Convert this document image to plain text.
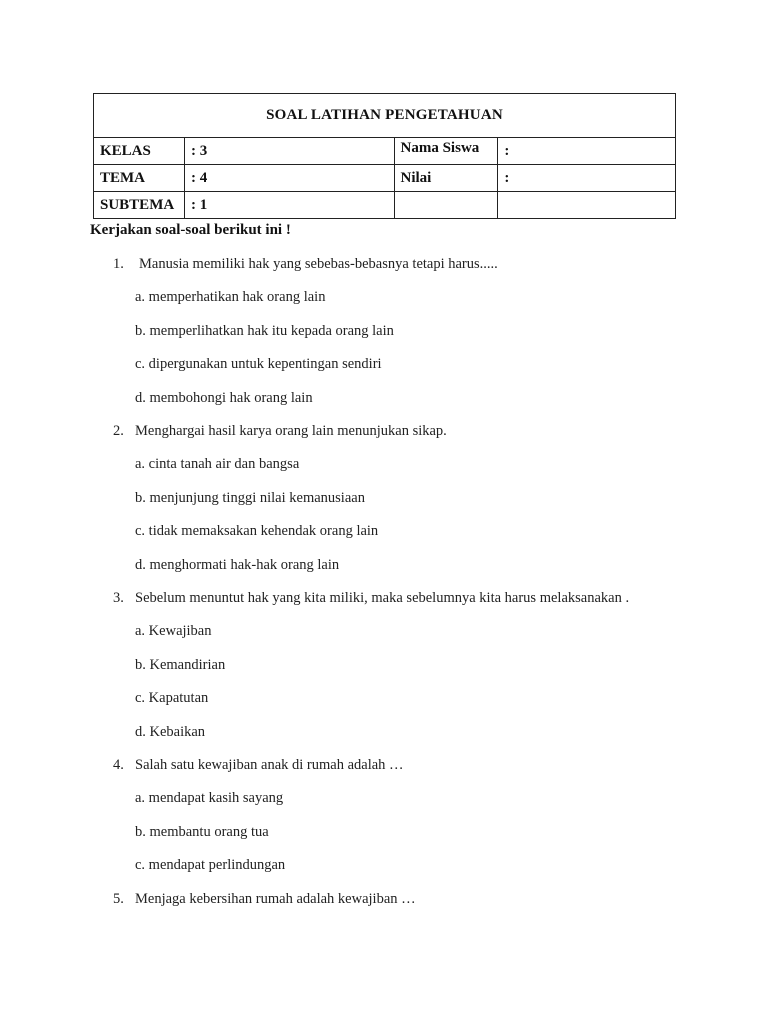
SOAL LATIHAN PENGETAHUAN			
KELAS	: 3	Nama Siswa	:
TEMA	: 4	Nilai	:
SUBTEMA	: 1		
Kerjakan soal-soal berikut ini !
1. Manusia memiliki hak yang sebebas-bebasnya tetapi harus.....
a. memperhatikan hak orang lain
b. memperlihatkan hak itu kepada orang lain
c. dipergunakan untuk kepentingan sendiri
d. membohongi hak orang lain
2. Menghargai hasil karya orang lain menunjukan sikap.
a. cinta tanah air dan bangsa
b. menjunjung tinggi nilai kemanusiaan
c. tidak memaksakan kehendak orang lain
d. menghormati hak-hak orang lain
3. Sebelum menuntut hak yang kita miliki, maka sebelumnya kita harus melaksanakan .
a. Kewajiban
b. Kemandirian
c. Kapatutan
d. Kebaikan
4. Salah satu kewajiban anak di rumah adalah …
a. mendapat kasih sayang
b. membantu orang tua
c. mendapat perlindungan
5. Menjaga kebersihan rumah adalah kewajiban …
